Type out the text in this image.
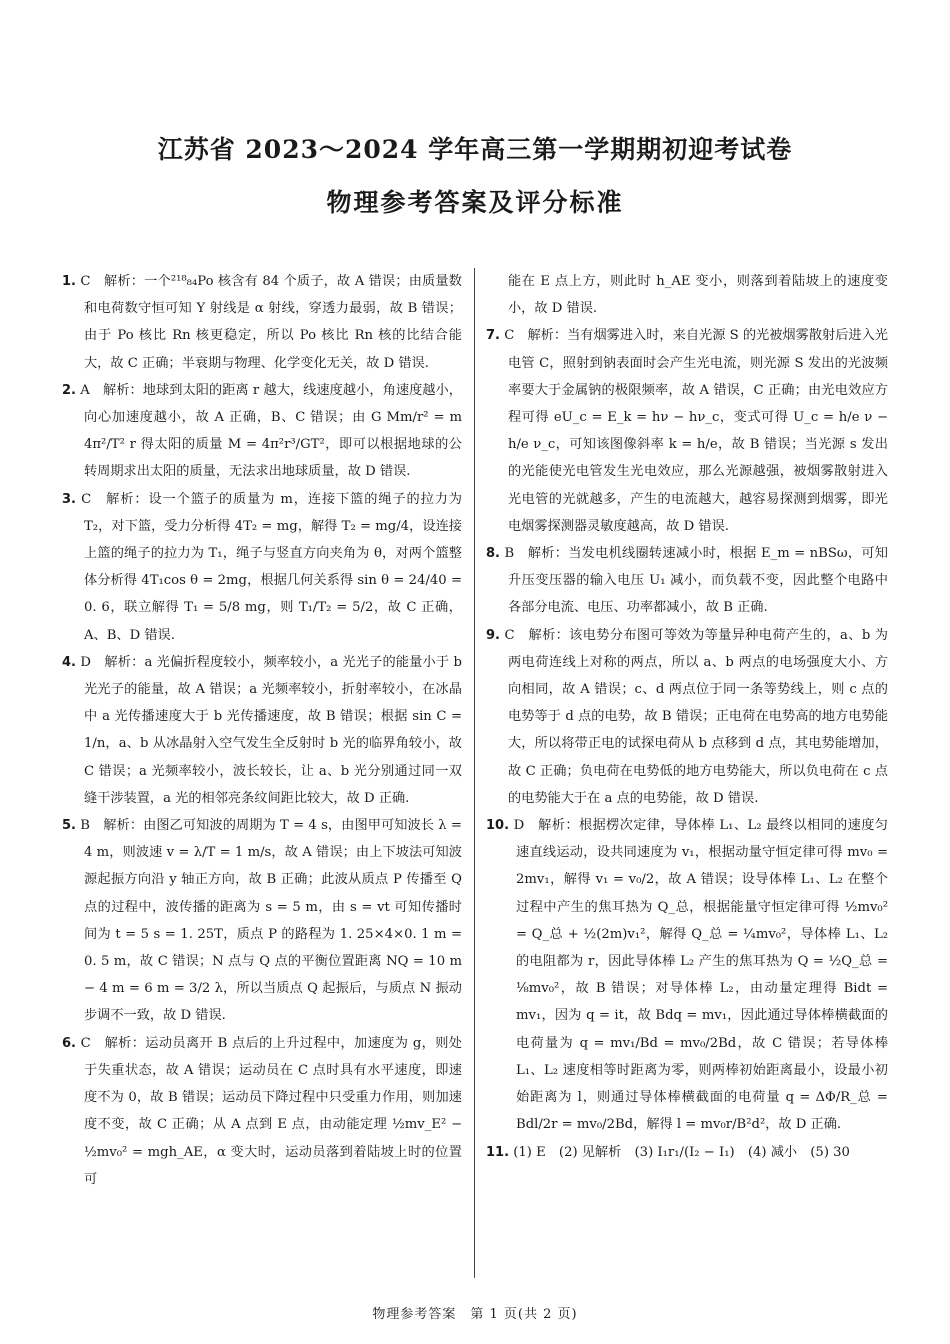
江苏省 2023～2024 学年高三第一学期期初迎考试卷
物理参考答案及评分标准

1. C　解析：一个²¹⁸₈₄Po 核含有 84 个质子，故 A 错误；由质量数和电荷数守恒可知 Y 射线是 α 射线，穿透力最弱，故 B 错误；由于 Po 核比 Rn 核更稳定，所以 Po 核比 Rn 核的比结合能大，故 C 正确；半衰期与物理、化学变化无关，故 D 错误.

2. A　解析：地球到太阳的距离 r 越大，线速度越小，角速度越小，向心加速度越小，故 A 正确，B、C 错误；由 G Mm/r² = m 4π²/T² r 得太阳的质量 M = 4π²r³/GT²，即可以根据地球的公转周期求出太阳的质量，无法求出地球质量，故 D 错误.

3. C　解析：设一个篮子的质量为 m，连接下篮的绳子的拉力为 T₂，对下篮，受力分析得 4T₂ = mg，解得 T₂ = mg/4，设连接上篮的绳子的拉力为 T₁，绳子与竖直方向夹角为 θ，对两个篮整体分析得 4T₁cos θ = 2mg，根据几何关系得 sin θ = 24/40 = 0. 6，联立解得 T₁ = 5/8 mg，则 T₁/T₂ = 5/2，故 C 正确，A、B、D 错误.

4. D　解析：a 光偏折程度较小，频率较小，a 光光子的能量小于 b 光光子的能量，故 A 错误；a 光频率较小，折射率较小，在冰晶中 a 光传播速度大于 b 光传播速度，故 B 错误；根据 sin C = 1/n，a、b 从冰晶射入空气发生全反射时 b 光的临界角较小，故 C 错误；a 光频率较小，波长较长，让 a、b 光分别通过同一双缝干涉装置，a 光的相邻亮条纹间距比较大，故 D 正确.

5. B　解析：由图乙可知波的周期为 T = 4 s，由图甲可知波长 λ = 4 m，则波速 v = λ/T = 1 m/s，故 A 错误；由上下坡法可知波源起振方向沿 y 轴正方向，故 B 正确；此波从质点 P 传播至 Q 点的过程中，波传播的距离为 s = 5 m，由 s = vt 可知传播时间为 t = 5 s = 1. 25T，质点 P 的路程为 1. 25×4×0. 1 m = 0. 5 m，故 C 错误；N 点与 Q 点的平衡位置距离 NQ = 10 m − 4 m = 6 m = 3/2 λ，所以当质点 Q 起振后，与质点 N 振动步调不一致，故 D 错误.

6. C　解析：运动员离开 B 点后的上升过程中，加速度为 g，则处于失重状态，故 A 错误；运动员在 C 点时具有水平速度，即速度不为 0，故 B 错误；运动员下降过程中只受重力作用，则加速度不变，故 C 正确；从 A 点到 E 点，由动能定理 ½mv_E² − ½mv₀² = mgh_AE，α 变大时，运动员落到着陆坡上时的位置可

能在 E 点上方，则此时 h_AE 变小，则落到着陆坡上的速度变小，故 D 错误.

7. C　解析：当有烟雾进入时，来自光源 S 的光被烟雾散射后进入光电管 C，照射到钠表面时会产生光电流，则光源 S 发出的光波频率要大于金属钠的极限频率，故 A 错误，C 正确；由光电效应方程可得 eU_c = E_k = hν − hν_c，变式可得 U_c = h/e ν − h/e ν_c，可知该图像斜率 k = h/e，故 B 错误；当光源 s 发出的光能使光电管发生光电效应，那么光源越强，被烟雾散射进入光电管的光就越多，产生的电流越大，越容易探测到烟雾，即光电烟雾探测器灵敏度越高，故 D 错误.

8. B　解析：当发电机线圈转速减小时，根据 E_m = nBSω，可知升压变压器的输入电压 U₁ 减小，而负载不变，因此整个电路中各部分电流、电压、功率都减小，故 B 正确.

9. C　解析：该电势分布图可等效为等量异种电荷产生的，a、b 为两电荷连线上对称的两点，所以 a、b 两点的电场强度大小、方向相同，故 A 错误；c、d 两点位于同一条等势线上，则 c 点的电势等于 d 点的电势，故 B 错误；正电荷在电势高的地方电势能大，所以将带正电的试探电荷从 b 点移到 d 点，其电势能增加，故 C 正确；负电荷在电势低的地方电势能大，所以负电荷在 c 点的电势能大于在 a 点的电势能，故 D 错误.

10. D　解析：根据楞次定律，导体棒 L₁、L₂ 最终以相同的速度匀速直线运动，设共同速度为 v₁，根据动量守恒定律可得 mv₀ = 2mv₁，解得 v₁ = v₀/2，故 A 错误；设导体棒 L₁、L₂ 在整个过程中产生的焦耳热为 Q_总，根据能量守恒定律可得 ½mv₀² = Q_总 + ½(2m)v₁²，解得 Q_总 = ¼mv₀²，导体棒 L₁、L₂ 的电阻都为 r，因此导体棒 L₂ 产生的焦耳热为 Q = ½Q_总 = ⅛mv₀²，故 B 错误；对导体棒 L₂，由动量定理得 Bidt = mv₁，因为 q = it，故 Bdq = mv₁，因此通过导体棒横截面的电荷量为 q = mv₁/Bd = mv₀/2Bd，故 C 错误；若导体棒 L₁、L₂ 速度相等时距离为零，则两棒初始距离最小，设最小初始距离为 l，则通过导体棒横截面的电荷量 q = ΔΦ/R_总 = Bdl/2r = mv₀/2Bd，解得 l = mv₀r/B²d²，故 D 正确.

11. (1) E　(2) 见解析　(3) I₁r₁/(I₂ − I₁)　(4) 减小　(5) 30

物理参考答案　第 1 页(共 2 页)
